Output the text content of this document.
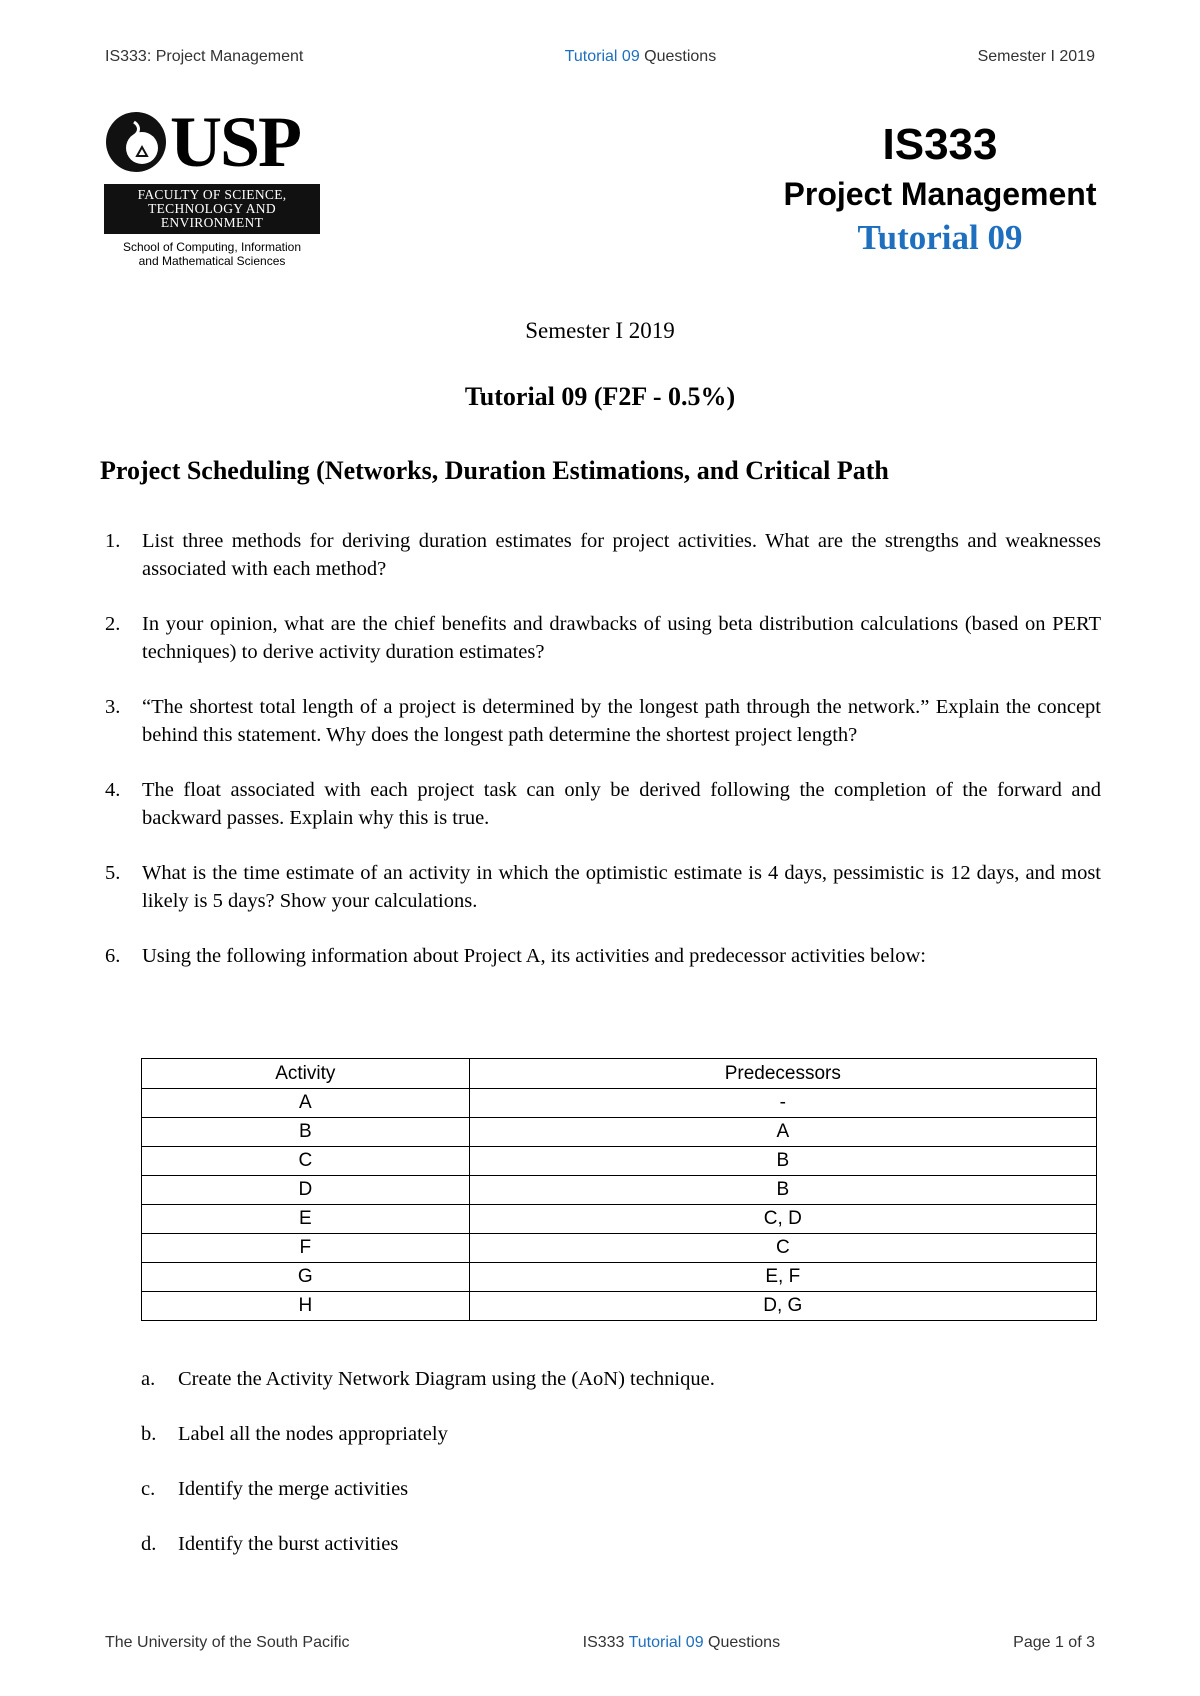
IS333: Project Management	Tutorial 09 Questions	Semester I 2019
USP
FACULTY OF SCIENCE,
TECHNOLOGY AND
ENVIRONMENT
School of Computing, Information
and Mathematical Sciences
IS333
Project Management
Tutorial 09
Semester I 2019
Tutorial 09 (F2F - 0.5%)
Project Scheduling (Networks, Duration Estimations, and Critical Path
1. List three methods for deriving duration estimates for project activities. What are the strengths and weaknesses associated with each method?
2. In your opinion, what are the chief benefits and drawbacks of using beta distribution calculations (based on PERT techniques) to derive activity duration estimates?
3. “The shortest total length of a project is determined by the longest path through the network.” Explain the concept behind this statement. Why does the longest path determine the shortest project length?
4. The float associated with each project task can only be derived following the completion of the forward and backward passes. Explain why this is true.
5. What is the time estimate of an activity in which the optimistic estimate is 4 days, pessimistic is 12 days, and most likely is 5 days? Show your calculations.
6. Using the following information about Project A, its activities and predecessor activities below:
Activity	Predecessors
A	-
B	A
C	B
D	B
E	C, D
F	C
G	E, F
H	D, G
a. Create the Activity Network Diagram using the (AoN) technique.
b. Label all the nodes appropriately
c. Identify the merge activities
d. Identify the burst activities
The University of the South Pacific	IS333 Tutorial 09 Questions	Page 1 of 3
